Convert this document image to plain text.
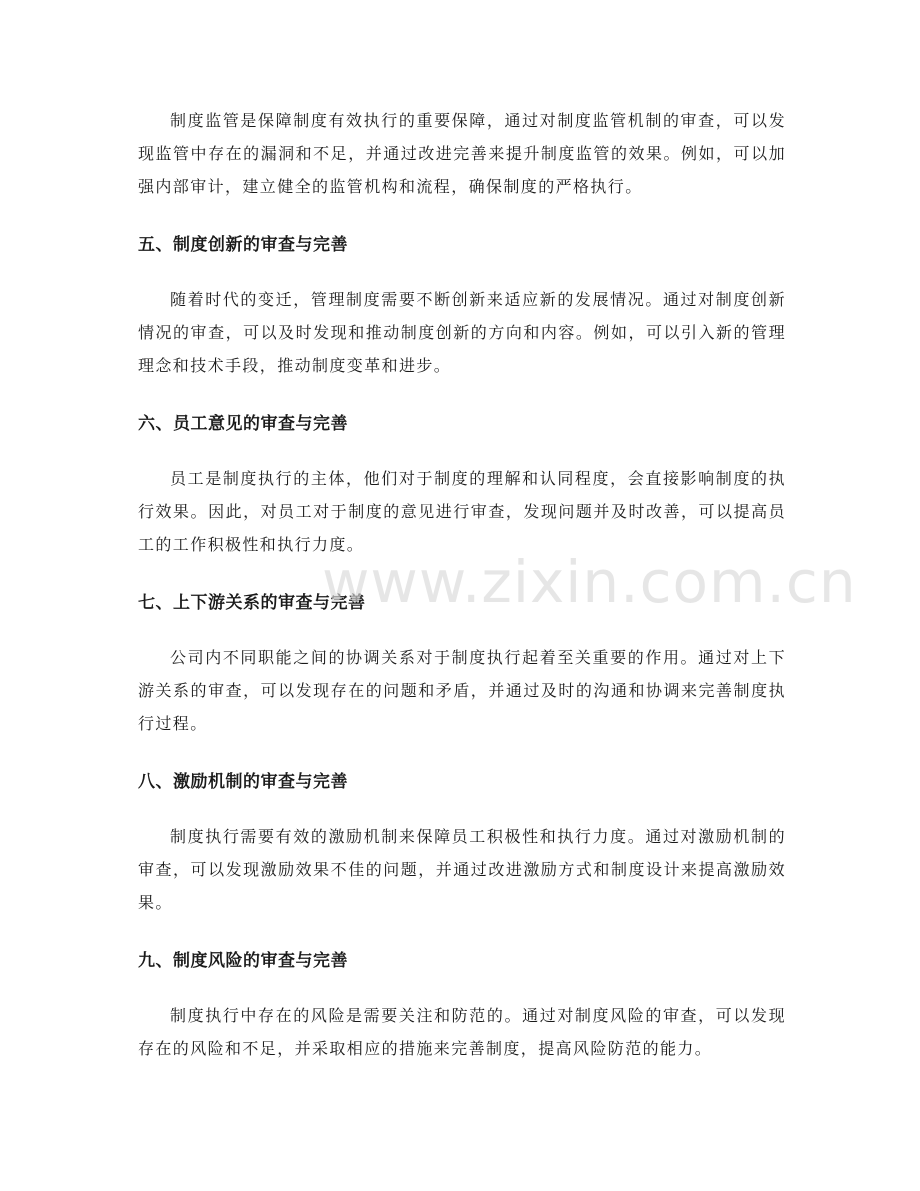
制度监管是保障制度有效执行的重要保障，通过对制度监管机制的审查，可以发现监管中存在的漏洞和不足，并通过改进完善来提升制度监管的效果。例如，可以加强内部审计，建立健全的监管机构和流程，确保制度的严格执行。

五、制度创新的审查与完善

随着时代的变迁，管理制度需要不断创新来适应新的发展情况。通过对制度创新情况的审查，可以及时发现和推动制度创新的方向和内容。例如，可以引入新的管理理念和技术手段，推动制度变革和进步。

六、员工意见的审查与完善

员工是制度执行的主体，他们对于制度的理解和认同程度，会直接影响制度的执行效果。因此，对员工对于制度的意见进行审查，发现问题并及时改善，可以提高员工的工作积极性和执行力度。

七、上下游关系的审查与完善

公司内不同职能之间的协调关系对于制度执行起着至关重要的作用。通过对上下游关系的审查，可以发现存在的问题和矛盾，并通过及时的沟通和协调来完善制度执行过程。

八、激励机制的审查与完善

制度执行需要有效的激励机制来保障员工积极性和执行力度。通过对激励机制的审查，可以发现激励效果不佳的问题，并通过改进激励方式和制度设计来提高激励效果。

九、制度风险的审查与完善

制度执行中存在的风险是需要关注和防范的。通过对制度风险的审查，可以发现存在的风险和不足，并采取相应的措施来完善制度，提高风险防范的能力。

www.zixin.com.cn
